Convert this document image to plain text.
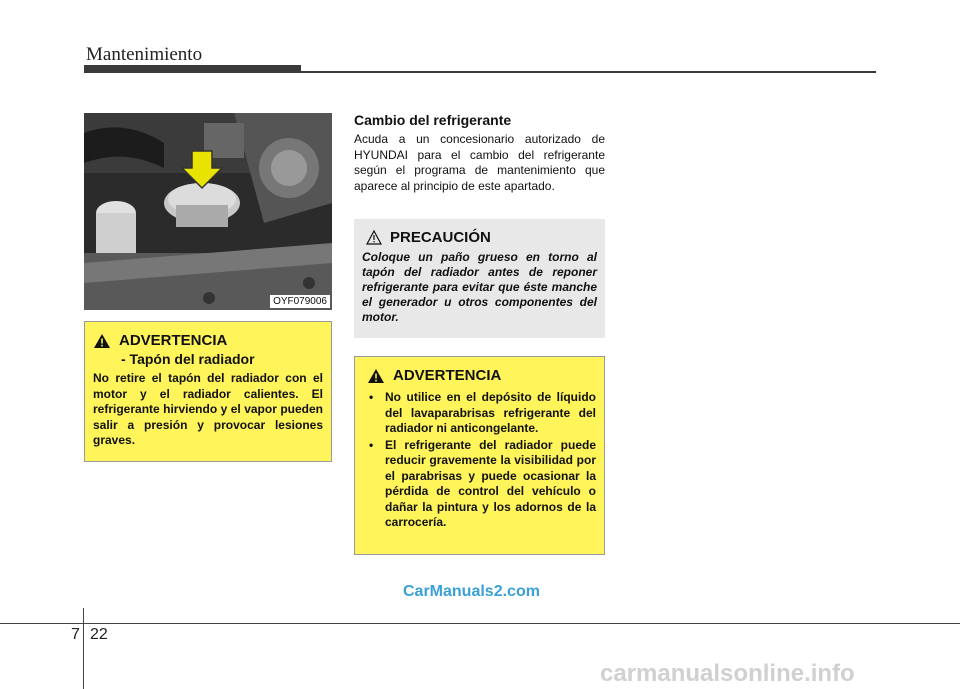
Mantenimiento
OYF079006
ADVERTENCIA
- Tapón del radiador
No retire el tapón del radiador con el motor y el radiador calientes. El refrigerante hirviendo y el vapor pueden salir a presión y provocar lesiones graves.
Cambio del refrigerante
Acuda a un concesionario autorizado de HYUNDAI para el cambio del refrigerante según el programa de mantenimiento que aparece al principio de este apartado.
PRECAUCIÓN
Coloque un paño grueso en torno al tapón del radiador antes de reponer refrigerante para evitar que éste manche el generador u otros componentes del motor.
ADVERTENCIA
• No utilice en el depósito de líquido del lavaparabrisas refrigerante del radiador ni anticongelante.
• El refrigerante del radiador puede reducir gravemente la visibilidad por el parabrisas y puede ocasionar la pérdida de control del vehículo o dañar la pintura y los adornos de la carrocería.
CarManuals2.com
7 22
carmanualsonline.info
